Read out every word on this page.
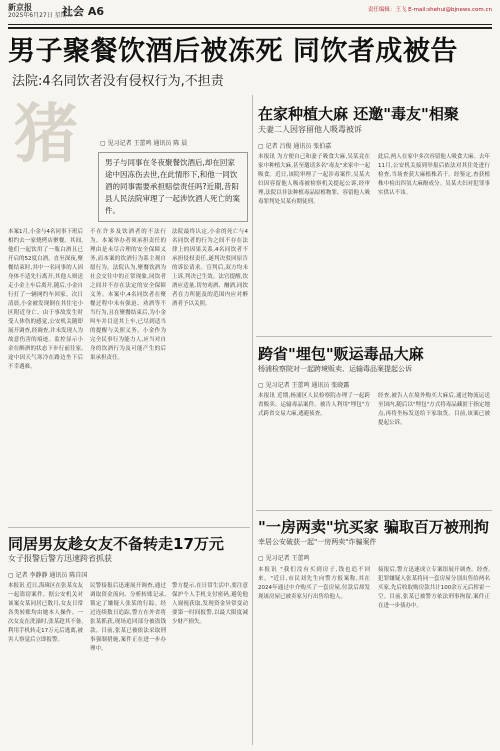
新京报
2025年6月27日 星期五
社会 A6	责任编辑：王飞 E-mail:shehui@bjnews.com.cn
男子聚餐饮酒后被冻死 同饮者成被告
法院:4名同饮者没有侵权行为,不担责
猪	▢ 见习记者 王蕾鸣 通讯员 陈 晨
男子与同事在冬夜聚餐饮酒后,却在回家途中因冻伤去世,在此情形下,和他一同饮酒的同事需要承担赔偿责任吗?近期,昔阳县人民法院审理了一起涉饮酒人死亡的案件。
本案1月,小金与4名同事下班后相约去一家烧烤店聚餐。其间,他们一起饮用了一瓶白酒且已开启的52度白酒。直至深夜,聚餐结束时,其中一名同事的人因身体不适先行离开,其他人则送走小金上车后离开,随后,小金自行打了一辆网约车回家。次日清晨,小金被发现倒在其住宅小区附近身亡。由于事故发生时受人体伤的感觉,公安机关随即展开调查,经调查,并未发现人为故意伤害的痕迹。监控显示小金在醉酒的状态下步行前往家,途中因天气寒冷在路边坐下后不幸遇难。
不在许多及饮酒者的不法行为。本案举办者须承担责任的理由是未尽合理的安全保障义务,而本案的饮酒行为系主观自愿行为。法院认为,聚餐饮酒为社会交往中的正常现象,同饮者之间并不存在法定的安全保障义务。本案中,4名同饮者在聚餐过程中未有强迫、劝酒等不当行为,且在聚餐结束后,为小金叫车并目送其上车,已尽到适当的提醒与关照义务。小金作为完全民事行为能力人,应当对自身的饮酒行为及可能产生的后果承担责任。
法院最终认定,小金的死亡与4名同饮者的行为之间不存在法律上的因果关系,4名同饮者不承担侵权责任,遂判决驳回原告的诉讼请求。宣判后,双方均未上诉,判决已生效。法官提醒,饮酒应适量,切勿劝酒、酗酒,同饮者在力所能及的范围内应对醉酒者予以关照。
同居男友趁女友不备转走17万元
女子报警后警方迅速跨省抓获
▢ 记者 李静静 通讯员 陈自国
本报讯 近日,海珠区在张某女友一起盗窃案件。据公安机关对该案女某同居已数月,女友日常各类转账均由她本人操作。一次女友在洗澡时,张某趁其不备,利用手机转走17万元后逃离,被害人察觉后立即报警。
民警接报后迅速展开调查,通过调取资金流向、分析转账记录,锁定了嫌疑人张某的行踪。经过连续数日追踪,警方在外省将张某抓获,现场追回部分被盗钱款。目前,张某已被依法采取刑事强制措施,案件正在进一步办理中。
警方提示,在日常生活中,要注意保护个人手机支付密码,避免他人窥视获取,发现资金异常变动要第一时间报警,以最大限度减少财产损失。
在家种植大麻 还邀"毒友"相聚
夫妻二人因容留他人吸毒被诉
▢ 记者 吕俊 通讯员 张伯嘉
本报讯 为方便自己和妻子吸食大麻,吴某竟在家中种植大麻,甚至邀请多名"毒友"来家中一起吸食。近日,该院审理了一起涉毒案件,吴某夫妇因容留他人吸毒被检察机关提起公诉,经审理,法院以非法种植毒品原植物罪、容留他人吸毒罪判处吴某有期徒刑。
此后,两人在家中多次容留他人吸食大麻。去年11月,公安机关接到举报后依法对其住处进行检查,当场查获大麻植株若干。经鉴定,查获植株中检出四氢大麻酚成分。吴某夫妇对犯罪事实供认不讳。
跨省"埋包"贩运毒品大麻
杨浦检察院对一起跨境贩卖、运输毒品案提起公诉
▢ 见习记者 王蕾鸣 通讯员 张晓露
本报讯 近期,杨浦区人民检察院办理了一起跨省贩卖、运输毒品案件。被告人利用"埋包"方式跨省交易大麻,逃避侦查。
经查,被告人在境外购买大麻后,通过物流运送至国内,随后以"埋包"方式将毒品藏匿于指定地点,再将坐标发送给下家取货。目前,该案已被提起公诉。
"一房两卖"坑买家 骗取百万被刑拘
幸居公安破获一起"一房两卖"诈骗案件
▢ 见习记者 王蕾鸣
本报讯 "我们没有买到房子,钱也追不回来。"近日,市民刘先生向警方报案称,其在2024年通过中介购买了一套房屋,付款后却发现该房屋已被卖家另行出售给他人。
接报后,警方迅速成立专案组展开调查。经查,犯罪嫌疑人张某将同一套房屋分别出售给两名买家,先后收取购房款共计100余万元后挥霍一空。目前,张某已被警方依法刑事拘留,案件正在进一步侦办中。
